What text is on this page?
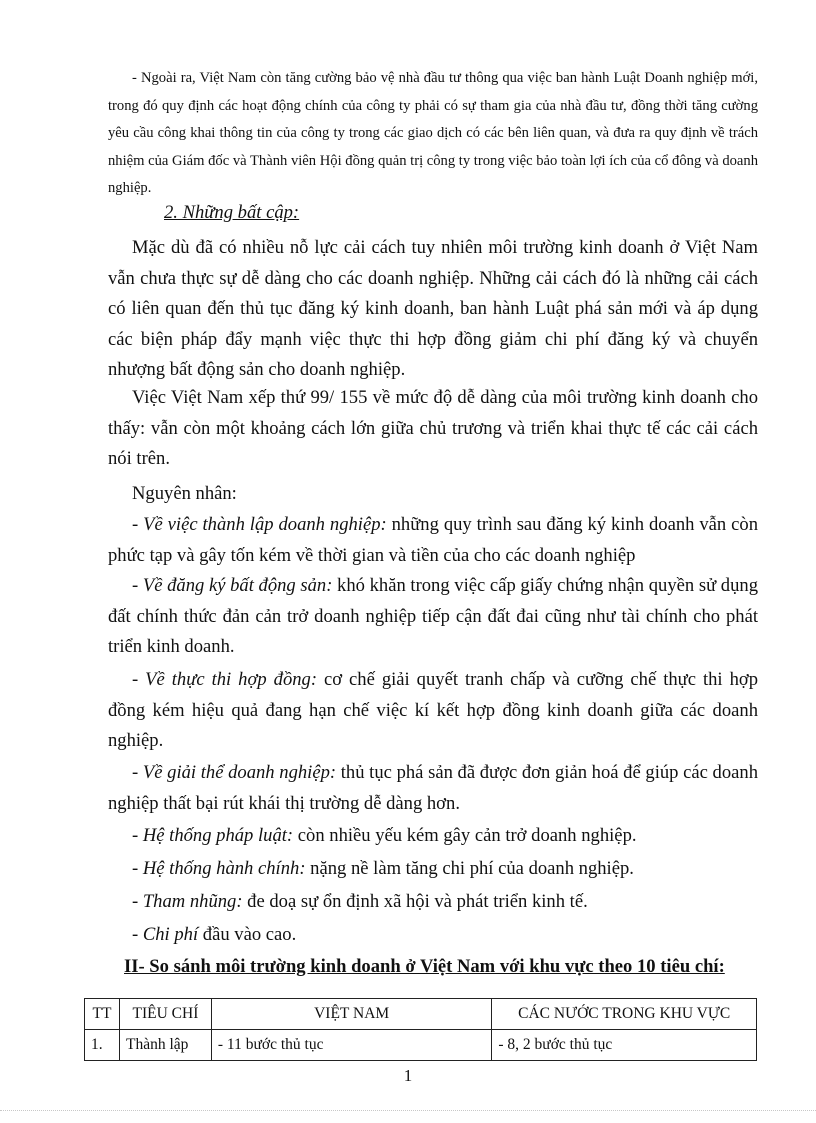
- Ngoài ra, Việt Nam còn tăng cường bảo vệ nhà đầu tư thông qua việc ban hành Luật Doanh nghiệp mới, trong đó quy định các hoạt động chính của công ty phải có sự tham gia của nhà đầu tư, đồng thời tăng cường yêu cầu công khai thông tin của công ty trong các giao dịch có các bên liên quan, và đưa ra quy định về trách nhiệm của Giám đốc và Thành viên Hội đồng quản trị công ty trong việc bảo toàn lợi ích của cổ đông và doanh nghiệp.

2. Những bất cập:

Mặc dù đã có nhiều nỗ lực cải cách tuy nhiên môi trường kinh doanh ở Việt Nam vẫn chưa thực sự dễ dàng cho các doanh nghiệp. Những cải cách đó là những cải cách có liên quan đến thủ tục đăng ký kinh doanh, ban hành Luật phá sản mới và áp dụng các biện pháp đẩy mạnh việc thực thi hợp đồng giảm chi phí đăng ký và chuyển nhượng bất động sản cho doanh nghiệp.

Việc Việt Nam xếp thứ 99/ 155 về mức độ dễ dàng của môi trường kinh doanh cho thấy: vẫn còn một khoảng cách lớn giữa chủ trương và triển khai thực tế các cải cách nói trên.

Nguyên nhân:

- Về việc thành lập doanh nghiệp: những quy trình sau đăng ký kinh doanh vẫn còn phức tạp và gây tốn kém về thời gian và tiền của cho các doanh nghiệp

- Về đăng ký bất động sản: khó khăn trong việc cấp giấy chứng nhận quyền sử dụng đất chính thức đản cản trở doanh nghiệp tiếp cận đất đai cũng như tài chính cho phát triển kinh doanh.

- Về thực thi hợp đồng: cơ chế giải quyết tranh chấp và cưỡng chế thực thi hợp đồng kém hiệu quả đang hạn chế việc kí kết hợp đồng kinh doanh giữa các doanh nghiệp.

- Về giải thể doanh nghiệp: thủ tục phá sản đã được đơn giản hoá để giúp các doanh nghiệp thất bại rút khái thị trường dễ dàng hơn.

- Hệ thống pháp luật: còn nhiều yếu kém gây cản trở doanh nghiệp.

- Hệ thống hành chính: nặng nề làm tăng chi phí của doanh nghiệp.

- Tham nhũng: đe doạ sự ổn định xã hội và phát triển kinh tế.

- Chi phí đầu vào cao.

II- So sánh môi trường kinh doanh ở Việt Nam với khu vực theo 10 tiêu chí:

TT	TIÊU CHÍ	VIỆT NAM	CÁC NƯỚC TRONG KHU VỰC
1.	Thành lập	- 11 bước thủ tục	- 8, 2 bước thủ tục

1
